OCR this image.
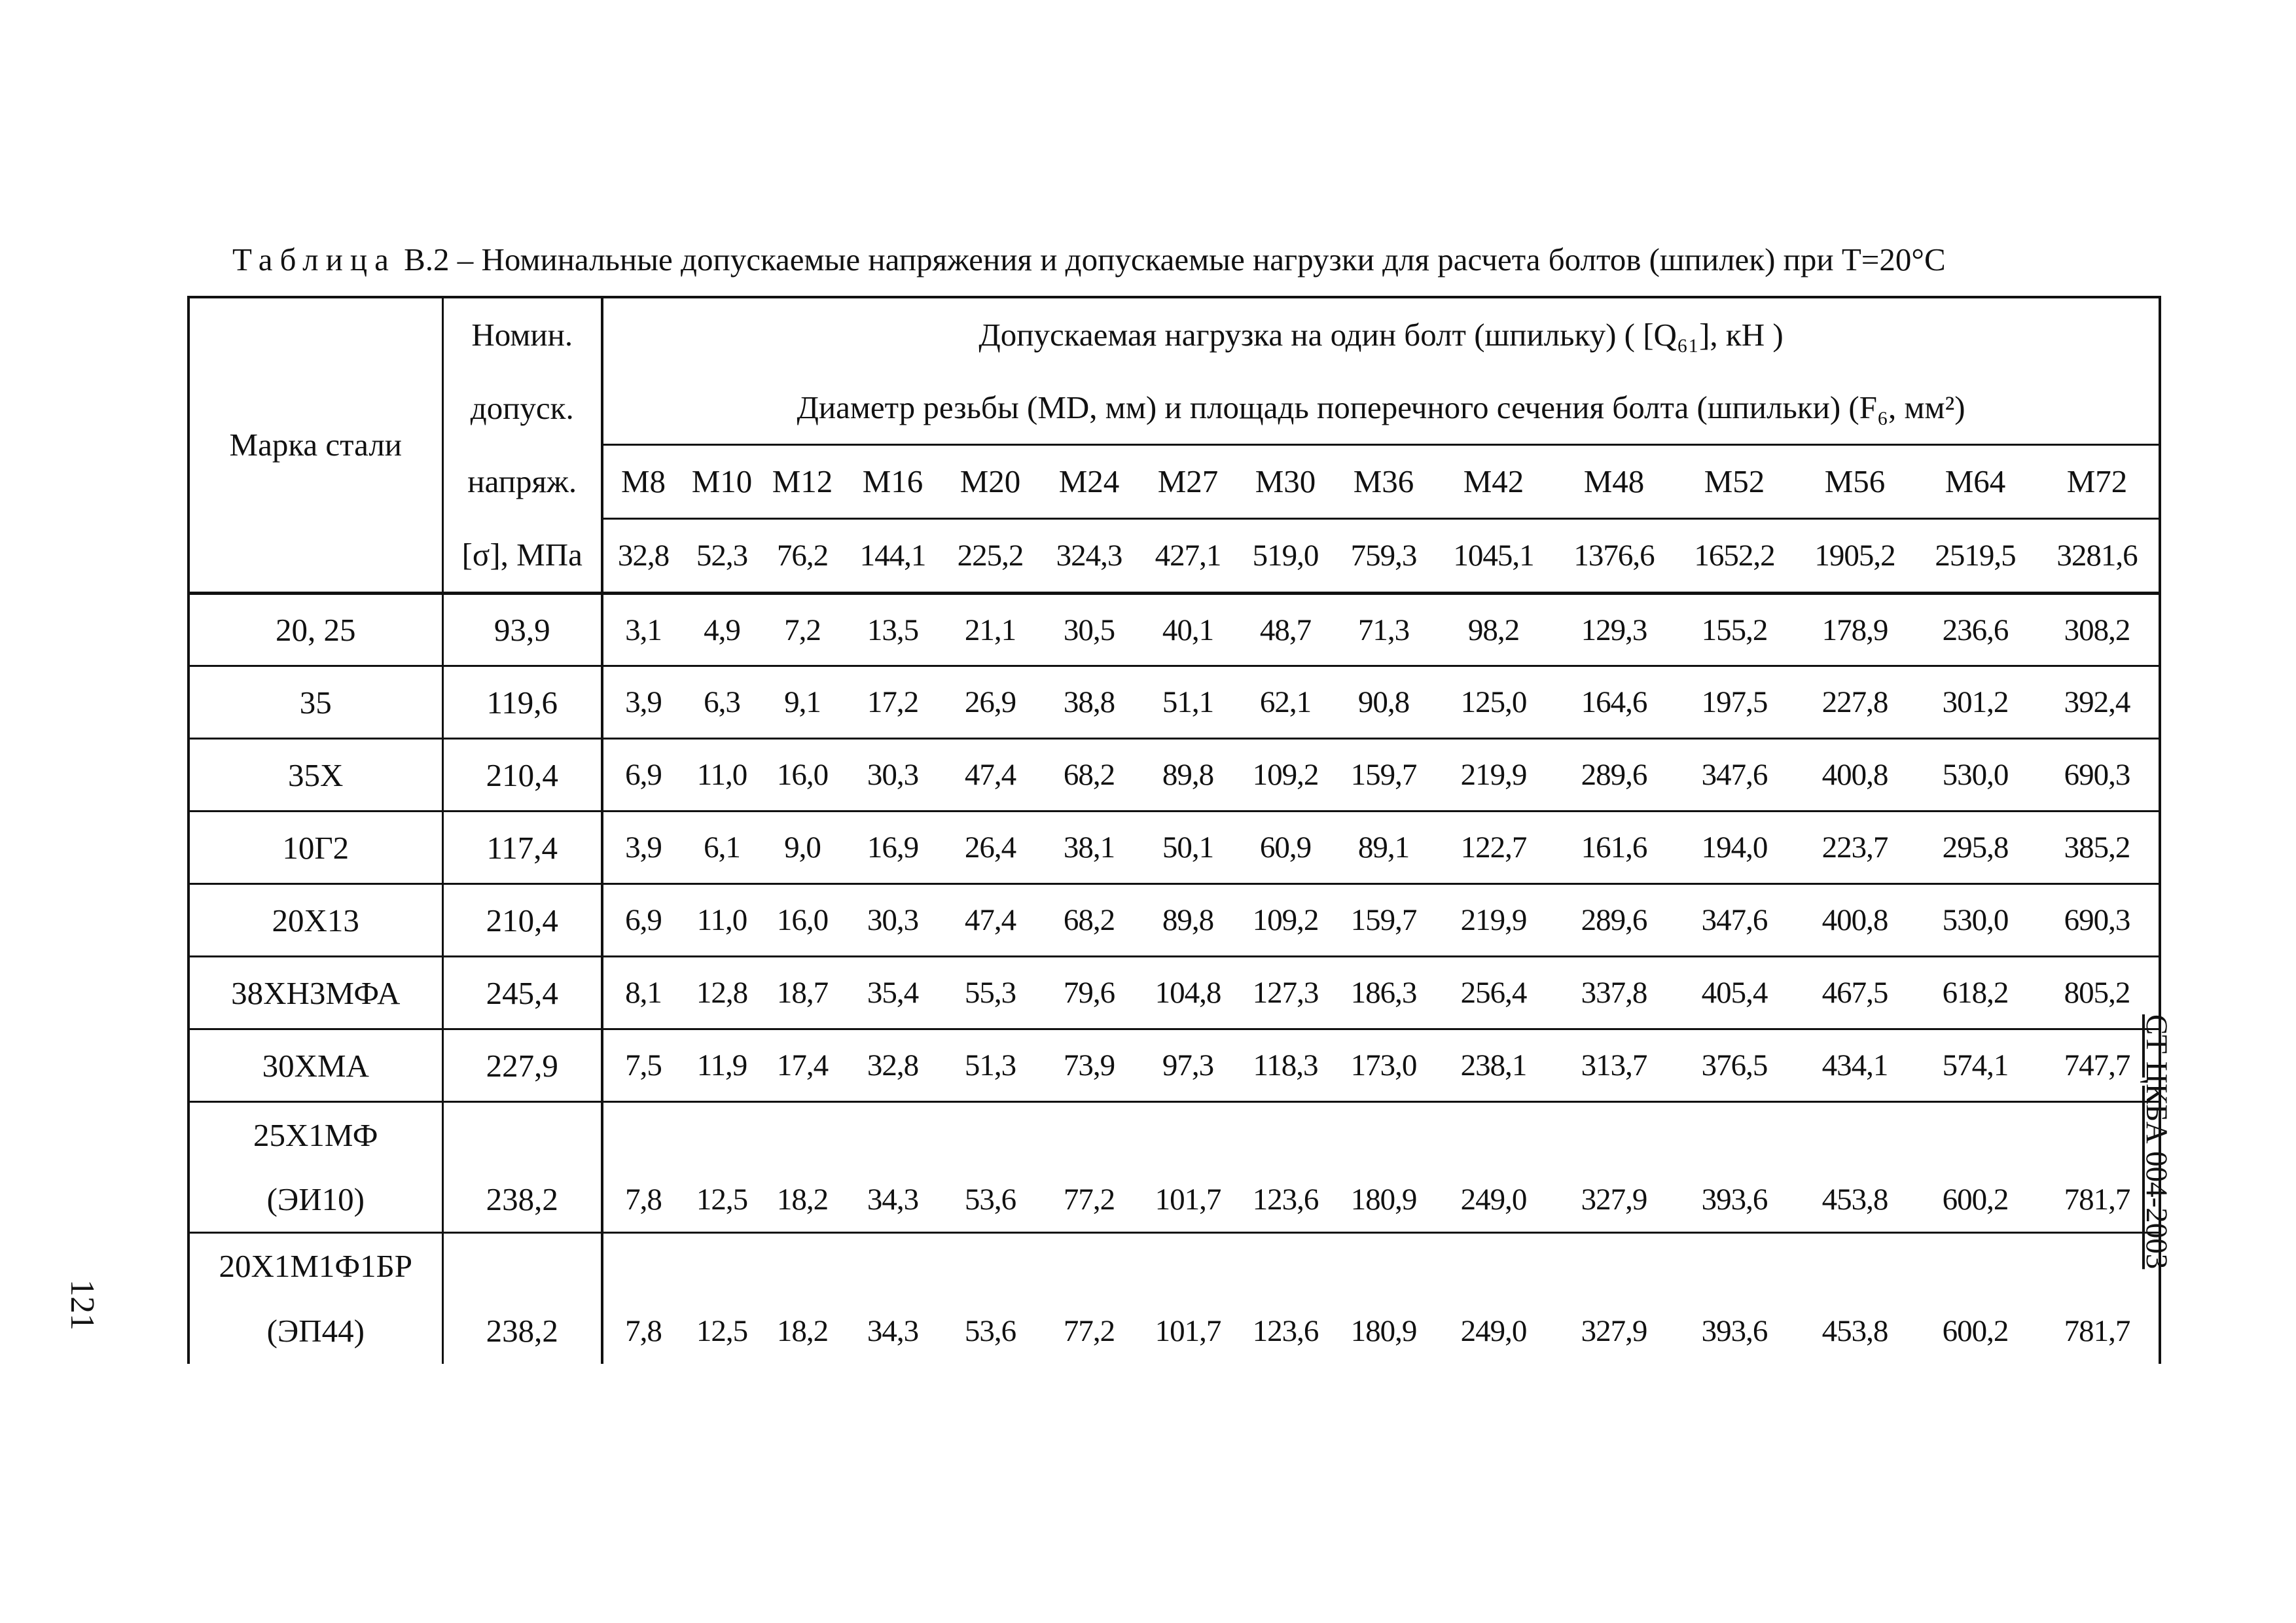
Таблица В.2 – Номинальные допускаемые напряжения и допускаемые нагрузки для расчета болтов (шпилек) при Т=20°С
Марка стали	Номин.	Допускаемая нагрузка на один болт (шпильку) ( [Q₆₁], кН )														
	допуск.	Диаметр резьбы (MD, мм) и площадь поперечного сечения болта (шпильки) (F₆, мм²)														
	напряж.	M8	M10	M12	M16	M20	M24	M27	M30	M36	M42	M48	M52	M56	M64	M72
	[σ], МПа	32,8	52,3	76,2	144,1	225,2	324,3	427,1	519,0	759,3	1045,1	1376,6	1652,2	1905,2	2519,5	3281,6
20, 25	93,9	3,1	4,9	7,2	13,5	21,1	30,5	40,1	48,7	71,3	98,2	129,3	155,2	178,9	236,6	308,2
35	119,6	3,9	6,3	9,1	17,2	26,9	38,8	51,1	62,1	90,8	125,0	164,6	197,5	227,8	301,2	392,4
35Х	210,4	6,9	11,0	16,0	30,3	47,4	68,2	89,8	109,2	159,7	219,9	289,6	347,6	400,8	530,0	690,3
10Г2	117,4	3,9	6,1	9,0	16,9	26,4	38,1	50,1	60,9	89,1	122,7	161,6	194,0	223,7	295,8	385,2
20Х13	210,4	6,9	11,0	16,0	30,3	47,4	68,2	89,8	109,2	159,7	219,9	289,6	347,6	400,8	530,0	690,3
38ХН3МФА	245,4	8,1	12,8	18,7	35,4	55,3	79,6	104,8	127,3	186,3	256,4	337,8	405,4	467,5	618,2	805,2
30ХМА	227,9	7,5	11,9	17,4	32,8	51,3	73,9	97,3	118,3	173,0	238,1	313,7	376,5	434,1	574,1	747,7
25Х1МФ																
(ЭИ10)	238,2	7,8	12,5	18,2	34,3	53,6	77,2	101,7	123,6	180,9	249,0	327,9	393,6	453,8	600,2	781,7
20Х1М1Ф1БР																
(ЭП44)	238,2	7,8	12,5	18,2	34,3	53,6	77,2	101,7	123,6	180,9	249,0	327,9	393,6	453,8	600,2	781,7
СТ ЦКБА 004-2003
121
